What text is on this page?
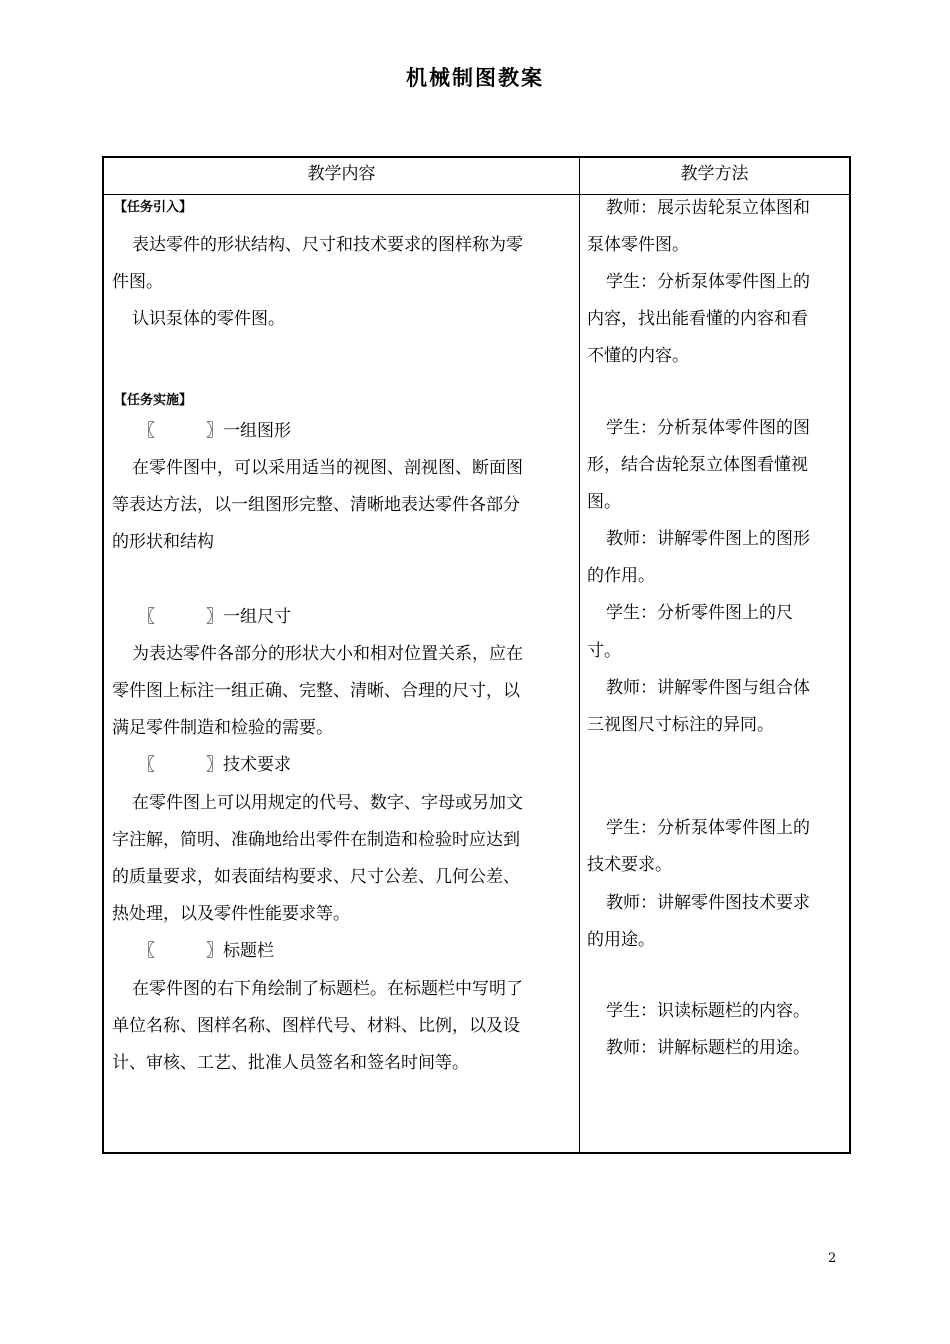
机械制图教案
教学内容	教学方法
【任务引入】
表达零件的形状结构、尺寸和技术要求的图样称为零
件图。
认识泵体的零件图。
【任务实施】
〖　　　〗一组图形
在零件图中，可以采用适当的视图、剖视图、断面图
等表达方法，以一组图形完整、清晰地表达零件各部分
的形状和结构
〖　　　〗一组尺寸
为表达零件各部分的形状大小和相对位置关系，应在
零件图上标注一组正确、完整、清晰、合理的尺寸，以
满足零件制造和检验的需要。
〖　　　〗技术要求
在零件图上可以用规定的代号、数字、字母或另加文
字注解，简明、准确地给出零件在制造和检验时应达到
的质量要求，如表面结构要求、尺寸公差、几何公差、
热处理，以及零件性能要求等。
〖　　　〗标题栏
在零件图的右下角绘制了标题栏。在标题栏中写明了
单位名称、图样名称、图样代号、材料、比例，以及设
计、审核、工艺、批准人员签名和签名时间等。
教师：展示齿轮泵立体图和
泵体零件图。
学生：分析泵体零件图上的
内容，找出能看懂的内容和看
不懂的内容。
学生：分析泵体零件图的图
形，结合齿轮泵立体图看懂视
图。
教师：讲解零件图上的图形
的作用。
学生：分析零件图上的尺
寸。
教师：讲解零件图与组合体
三视图尺寸标注的异同。
学生：分析泵体零件图上的
技术要求。
教师：讲解零件图技术要求
的用途。
学生：识读标题栏的内容。
教师：讲解标题栏的用途。
2
